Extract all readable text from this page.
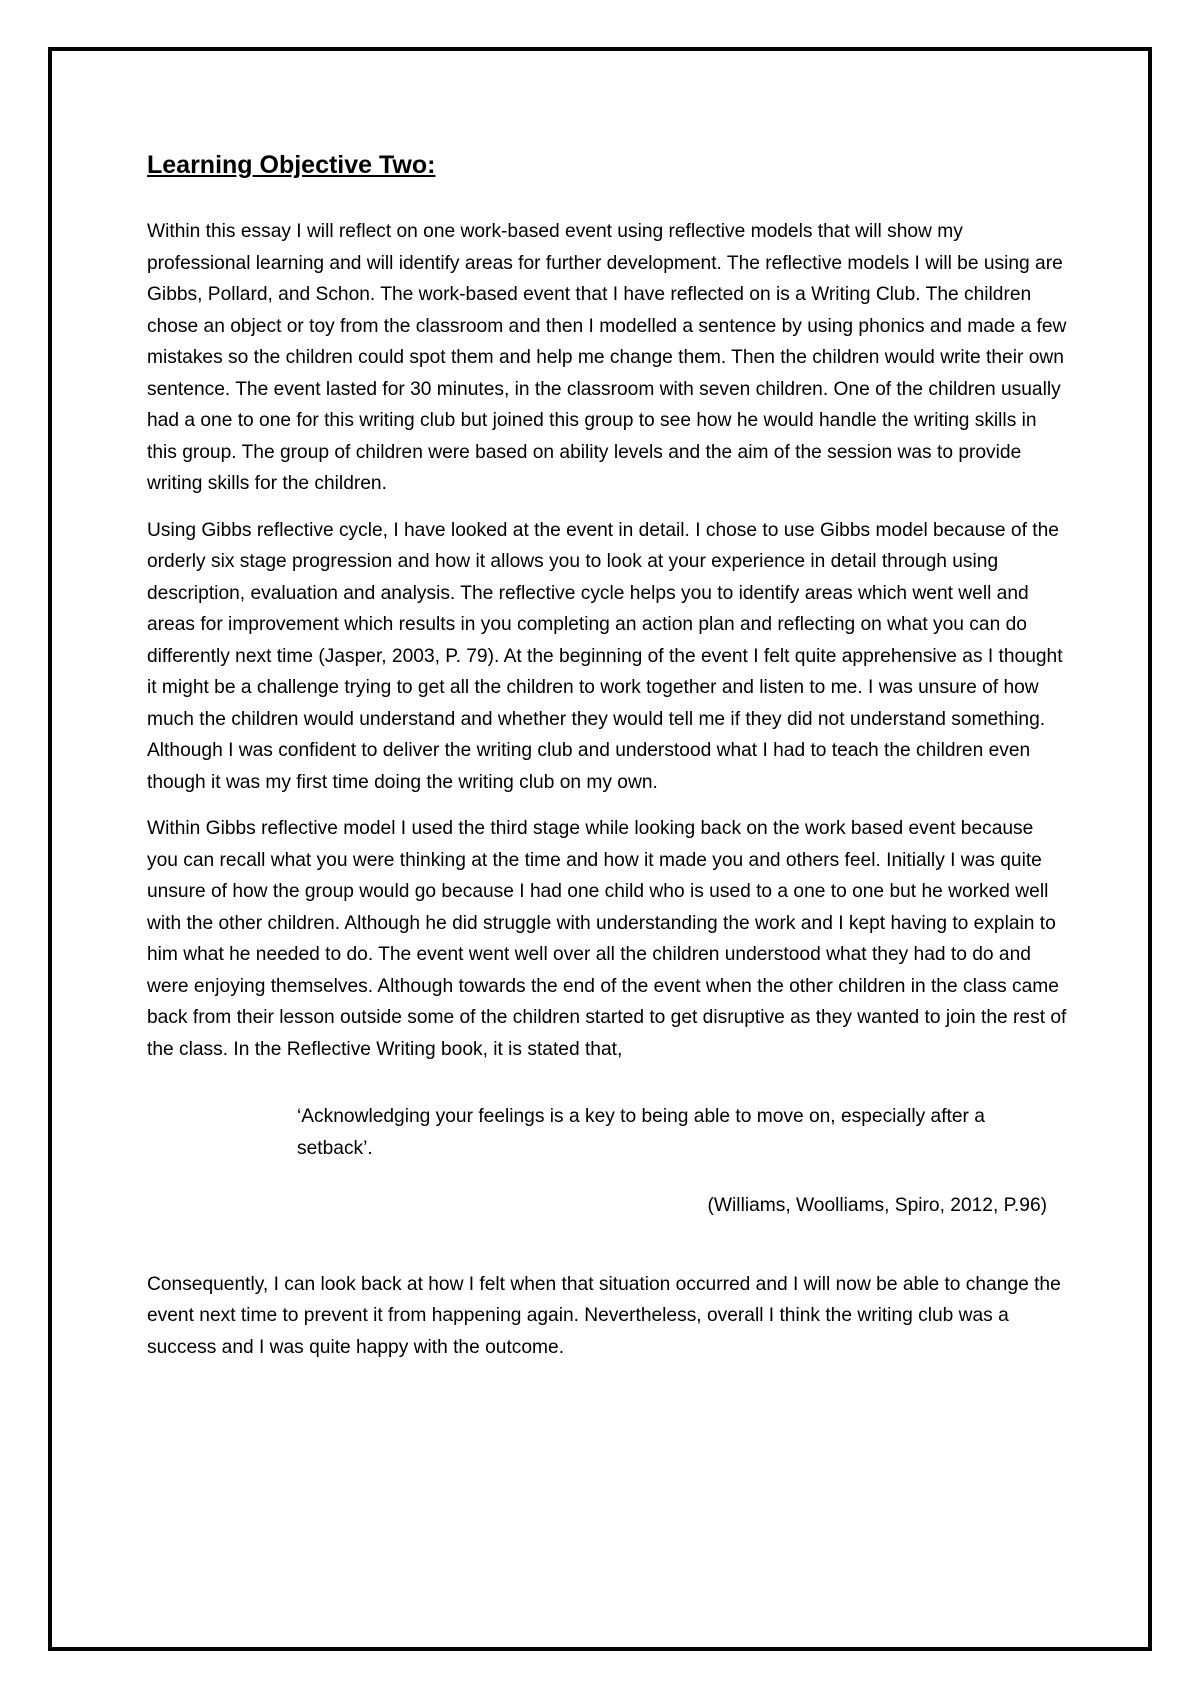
Learning Objective Two:

Within this essay I will reflect on one work-based event using reflective models that will show my professional learning and will identify areas for further development. The reflective models I will be using are Gibbs, Pollard, and Schon. The work-based event that I have reflected on is a Writing Club. The children chose an object or toy from the classroom and then I modelled a sentence by using phonics and made a few mistakes so the children could spot them and help me change them. Then the children would write their own sentence. The event lasted for 30 minutes, in the classroom with seven children. One of the children usually had a one to one for this writing club but joined this group to see how he would handle the writing skills in this group. The group of children were based on ability levels and the aim of the session was to provide writing skills for the children.

Using Gibbs reflective cycle, I have looked at the event in detail. I chose to use Gibbs model because of the orderly six stage progression and how it allows you to look at your experience in detail through using description, evaluation and analysis. The reflective cycle helps you to identify areas which went well and areas for improvement which results in you completing an action plan and reflecting on what you can do differently next time (Jasper, 2003, P. 79). At the beginning of the event I felt quite apprehensive as I thought it might be a challenge trying to get all the children to work together and listen to me. I was unsure of how much the children would understand and whether they would tell me if they did not understand something. Although I was confident to deliver the writing club and understood what I had to teach the children even though it was my first time doing the writing club on my own.

Within Gibbs reflective model I used the third stage while looking back on the work based event because you can recall what you were thinking at the time and how it made you and others feel. Initially I was quite unsure of how the group would go because I had one child who is used to a one to one but he worked well with the other children. Although he did struggle with understanding the work and I kept having to explain to him what he needed to do. The event went well over all the children understood what they had to do and were enjoying themselves. Although towards the end of the event when the other children in the class came back from their lesson outside some of the children started to get disruptive as they wanted to join the rest of the class. In the Reflective Writing book, it is stated that,

‘Acknowledging your feelings is a key to being able to move on, especially after a setback’.

(Williams, Woolliams, Spiro, 2012, P.96)

Consequently, I can look back at how I felt when that situation occurred and I will now be able to change the event next time to prevent it from happening again. Nevertheless, overall I think the writing club was a success and I was quite happy with the outcome.
